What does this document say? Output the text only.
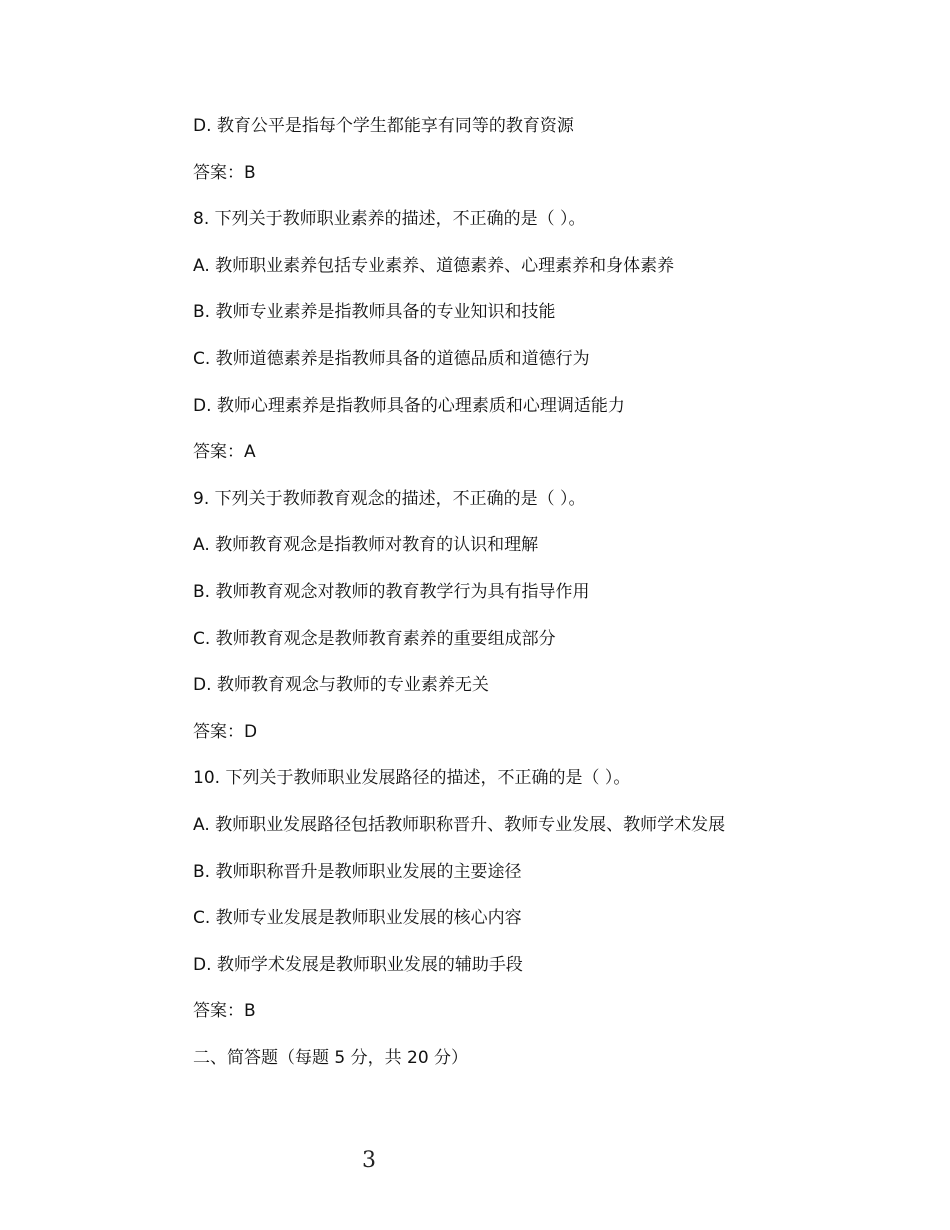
D. 教育公平是指每个学生都能享有同等的教育资源
答案：B
8. 下列关于教师职业素养的描述，不正确的是（ ）。
A. 教师职业素养包括专业素养、道德素养、心理素养和身体素养
B. 教师专业素养是指教师具备的专业知识和技能
C. 教师道德素养是指教师具备的道德品质和道德行为
D. 教师心理素养是指教师具备的心理素质和心理调适能力
答案：A
9. 下列关于教师教育观念的描述，不正确的是（ ）。
A. 教师教育观念是指教师对教育的认识和理解
B. 教师教育观念对教师的教育教学行为具有指导作用
C. 教师教育观念是教师教育素养的重要组成部分
D. 教师教育观念与教师的专业素养无关
答案：D
10. 下列关于教师职业发展路径的描述，不正确的是（ ）。
A. 教师职业发展路径包括教师职称晋升、教师专业发展、教师学术发展
B. 教师职称晋升是教师职业发展的主要途径
C. 教师专业发展是教师职业发展的核心内容
D. 教师学术发展是教师职业发展的辅助手段
答案：B
二、简答题（每题 5 分，共 20 分）
3
